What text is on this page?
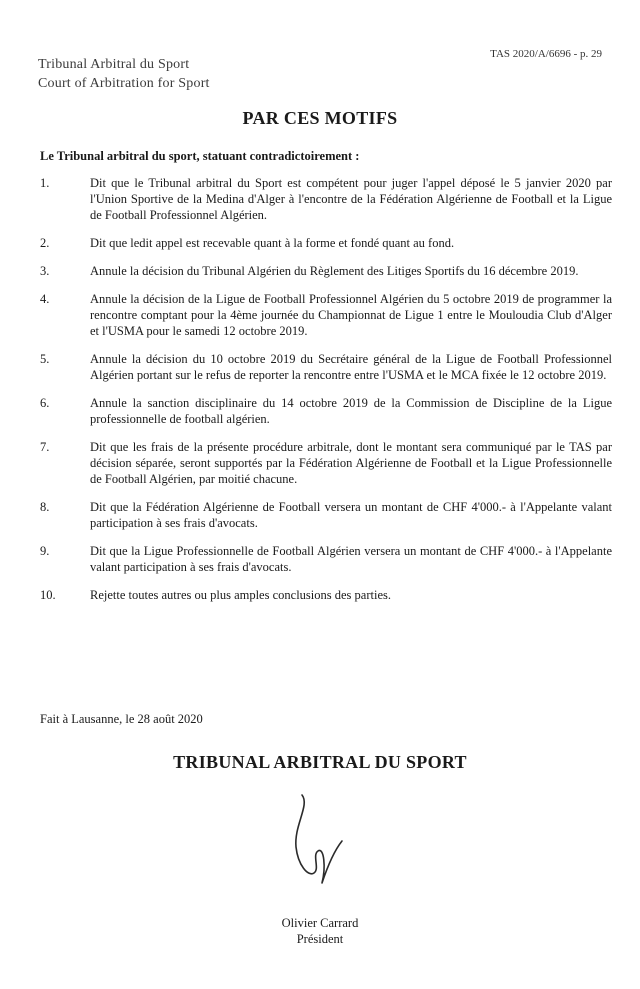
Tribunal Arbitral du Sport
Court of Arbitration for Sport
TAS 2020/A/6696 - p. 29
PAR CES MOTIFS
Le Tribunal arbitral du sport, statuant contradictoirement :
1.	Dit que le Tribunal arbitral du Sport est compétent pour juger l'appel déposé le 5 janvier 2020 par l'Union Sportive de la Medina d'Alger à l'encontre de la Fédération Algérienne de Football et la Ligue de Football Professionnel Algérien.
2.	Dit que ledit appel est recevable quant à la forme et fondé quant au fond.
3.	Annule la décision du Tribunal Algérien du Règlement des Litiges Sportifs du 16 décembre 2019.
4.	Annule la décision de la Ligue de Football Professionnel Algérien du 5 octobre 2019 de programmer la rencontre comptant pour la 4ème journée du Championnat de Ligue 1 entre le Mouloudia Club d'Alger et l'USMA pour le samedi 12 octobre 2019.
5.	Annule la décision du 10 octobre 2019 du Secrétaire général de la Ligue de Football Professionnel Algérien portant sur le refus de reporter la rencontre entre l'USMA et le MCA fixée le 12 octobre 2019.
6.	Annule la sanction disciplinaire du 14 octobre 2019 de la Commission de Discipline de la Ligue professionnelle de football algérien.
7.	Dit que les frais de la présente procédure arbitrale, dont le montant sera communiqué par le TAS par décision séparée, seront supportés par la Fédération Algérienne de Football et la Ligue Professionnelle de Football Algérien, par moitié chacune.
8.	Dit que la Fédération Algérienne de Football versera un montant de CHF 4'000.- à l'Appelante valant participation à ses frais d'avocats.
9.	Dit que la Ligue Professionnelle de Football Algérien versera un montant de CHF 4'000.- à l'Appelante valant participation à ses frais d'avocats.
10.	Rejette toutes autres ou plus amples conclusions des parties.
Fait à Lausanne, le 28 août 2020
TRIBUNAL ARBITRAL DU SPORT
Olivier Carrard
Président
